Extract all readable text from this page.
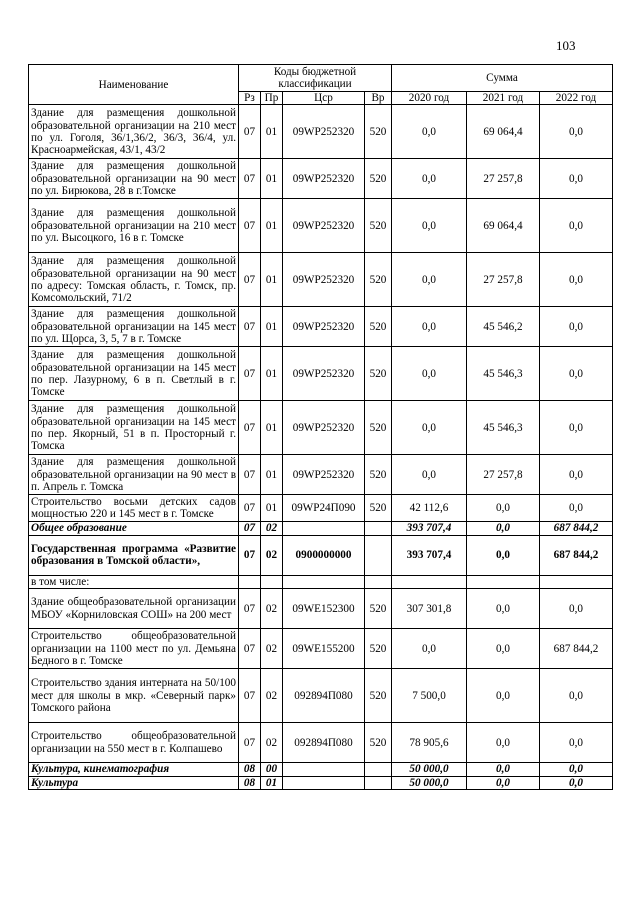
103
Наименование	Коды бюджетной классификации				Сумма		
	Рз	Пр	Цср	Вр	2020 год	2021 год	2022 год
Здание для размещения дошкольной образовательной организации на 210 мест по ул. Гоголя, 36/1,36/2, 36/3, 36/4, ул. Красноармейская, 43/1, 43/2	07	01	09WP252320	520	0,0	69 064,4	0,0
Здание для размещения дошкольной образовательной организации на 90 мест по ул. Бирюкова, 28 в г.Томске	07	01	09WP252320	520	0,0	27 257,8	0,0
Здание для размещения дошкольной образовательной организации на 210 мест по ул. Высоцкого, 16 в г. Томске	07	01	09WP252320	520	0,0	69 064,4	0,0
Здание для размещения дошкольной образовательной организации на 90 мест по адресу: Томская область, г. Томск, пр. Комсомольский, 71/2	07	01	09WP252320	520	0,0	27 257,8	0,0
Здание для размещения дошкольной образовательной организации на 145 мест по ул. Щорса, 3, 5, 7 в г. Томске	07	01	09WP252320	520	0,0	45 546,2	0,0
Здание для размещения дошкольной образовательной организации на 145 мест по пер. Лазурному, 6 в п. Светлый в г. Томске	07	01	09WP252320	520	0,0	45 546,3	0,0
Здание для размещения дошкольной образовательной организации на 145 мест по пер. Якорный, 51 в п. Просторный г. Томска	07	01	09WP252320	520	0,0	45 546,3	0,0
Здание для размещения дошкольной образовательной организации на 90 мест в п. Апрель г. Томска	07	01	09WP252320	520	0,0	27 257,8	0,0
Строительство восьми детских садов мощностью 220 и 145 мест в г. Томске	07	01	09WP24П090	520	42 112,6	0,0	0,0
Общее образование	07	02			393 707,4	0,0	687 844,2
Государственная программа «Развитие образования в Томской области»,	07	02	0900000000		393 707,4	0,0	687 844,2
в том числе:							
Здание общеобразовательной организации МБОУ «Корниловская СОШ» на 200 мест	07	02	09WE152300	520	307 301,8	0,0	0,0
Строительство общеобразовательной организации на 1100 мест по ул. Демьяна Бедного в г. Томске	07	02	09WE155200	520	0,0	0,0	687 844,2
Строительство здания интерната на 50/100 мест для школы в мкр. «Северный парк» Томского района	07	02	092894П080	520	7 500,0	0,0	0,0
Строительство общеобразовательной организации на 550 мест в г. Колпашево	07	02	092894П080	520	78 905,6	0,0	0,0
Культура, кинематография	08	00			50 000,0	0,0	0,0
Культура	08	01			50 000,0	0,0	0,0
